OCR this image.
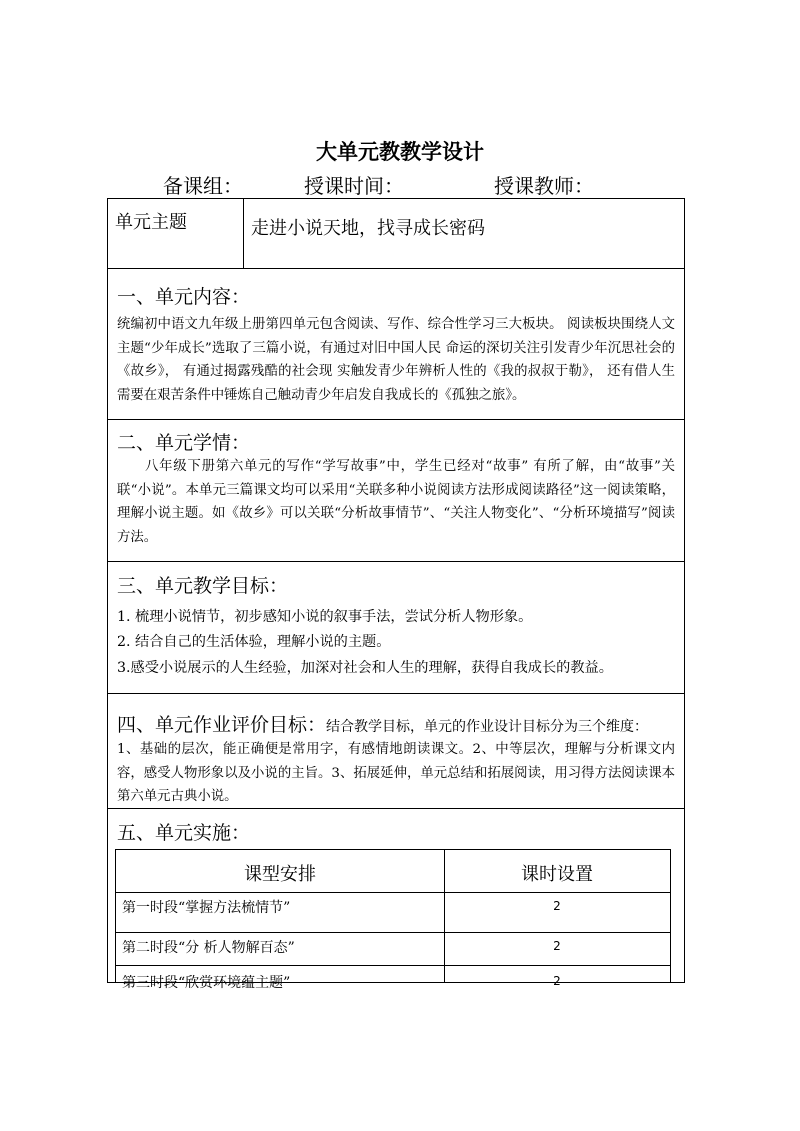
大单元教教学设计
备课组：	授课时间：	授课教师：
单元主题	走进小说天地，找寻成长密码
一、单元内容：
统编初中语文九年级上册第四单元包含阅读、写作、综合性学习三大板块。 阅读板块围绕人文主题“少年成长”选取了三篇小说，有通过对旧中国人民 命运的深切关注引发青少年沉思社会的《故乡》， 有通过揭露残酷的社会现 实触发青少年辨析人性的《我的叔叔于勒》， 还有借人生需要在艰苦条件中锤炼自己触动青少年启发自我成长的《孤独之旅》。
二、单元学情：
八年级下册第六单元的写作“学写故事”中，学生已经对“故事” 有所了解，由“故事”关联“小说”。本单元三篇课文均可以采用“关联多种小说阅读方法形成阅读路径”这一阅读策略，理解小说主题。如《故乡》可以关联“分析故事情节”、“关注人物变化”、“分析环境描写”阅读方法。
三、单元教学目标：
1. 梳理小说情节，初步感知小说的叙事手法，尝试分析人物形象。
2. 结合自己的生活体验，理解小说的主题。
3.感受小说展示的人生经验，加深对社会和人生的理解，获得自我成长的教益。
四、单元作业评价目标：结合教学目标，单元的作业设计目标分为三个维度：
1、基础的层次，能正确便是常用字，有感情地朗读课文。2、中等层次，理解与分析课文内容，感受人物形象以及小说的主旨。3、拓展延伸，单元总结和拓展阅读，用习得方法阅读课本第六单元古典小说。
五、单元实施：
课型安排	课时设置
第一时段“掌握方法梳情节”	2
第二时段“分 析人物解百态”	2
第三时段“欣赏环境蕴主题”	2
